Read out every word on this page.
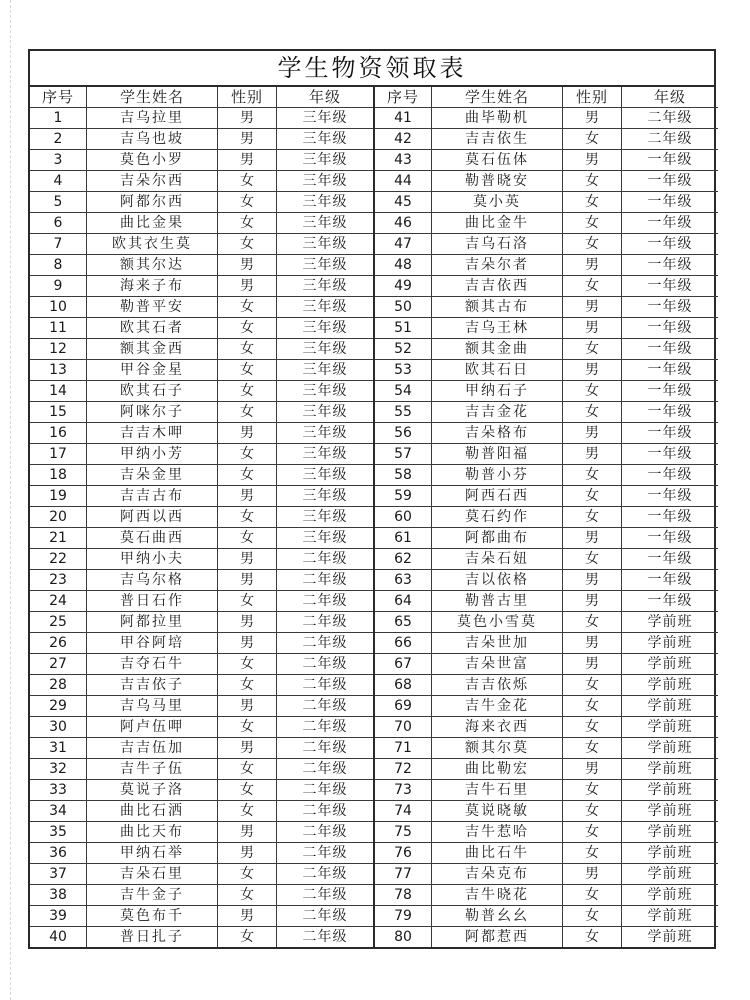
学生物资领取表
序号	学生姓名	性别	年级	序号	学生姓名	性别	年级
1	吉乌拉里	男	三年级	41	曲毕勒机	男	二年级
2	吉乌也坡	男	三年级	42	吉吉依生	女	二年级
3	莫色小罗	男	三年级	43	莫石伍体	男	一年级
4	吉朵尔西	女	三年级	44	勒普晓安	女	一年级
5	阿都尔西	女	三年级	45	莫小英	女	一年级
6	曲比金果	女	三年级	46	曲比金牛	女	一年级
7	欧其衣生莫	女	三年级	47	吉乌石洛	女	一年级
8	额其尔达	男	三年级	48	吉朵尔者	男	一年级
9	海来子布	男	三年级	49	吉吉依西	女	一年级
10	勒普平安	女	三年级	50	额其古布	男	一年级
11	欧其石者	女	三年级	51	吉乌王林	男	一年级
12	额其金西	女	三年级	52	额其金曲	女	一年级
13	甲谷金星	女	三年级	53	欧其石日	男	一年级
14	欧其石子	女	三年级	54	甲纳石子	女	一年级
15	阿咪尔子	女	三年级	55	吉吉金花	女	一年级
16	吉吉木呷	男	三年级	56	吉朵格布	男	一年级
17	甲纳小芳	女	三年级	57	勒普阳福	男	一年级
18	吉朵金里	女	三年级	58	勒普小芬	女	一年级
19	吉吉古布	男	三年级	59	阿西石西	女	一年级
20	阿西以西	女	三年级	60	莫石约作	女	一年级
21	莫石曲西	女	三年级	61	阿都曲布	男	一年级
22	甲纳小夫	男	二年级	62	吉朵石妞	女	一年级
23	吉乌尔格	男	二年级	63	吉以依格	男	一年级
24	普日石作	女	二年级	64	勒普古里	男	一年级
25	阿都拉里	男	二年级	65	莫色小雪莫	女	学前班
26	甲谷阿培	男	二年级	66	吉朵世加	男	学前班
27	吉夺石牛	女	二年级	67	吉朵世富	男	学前班
28	吉吉依子	女	二年级	68	吉吉依烁	女	学前班
29	吉乌马里	男	二年级	69	吉牛金花	女	学前班
30	阿卢伍呷	女	二年级	70	海来衣西	女	学前班
31	吉吉伍加	男	二年级	71	额其尔莫	女	学前班
32	吉牛子伍	女	二年级	72	曲比勒宏	男	学前班
33	莫说子洛	女	二年级	73	吉牛石里	女	学前班
34	曲比石洒	女	二年级	74	莫说晓敏	女	学前班
35	曲比天布	男	二年级	75	吉牛惹哈	女	学前班
36	甲纳石举	男	二年级	76	曲比石牛	女	学前班
37	吉朵石里	女	二年级	77	吉朵克布	男	学前班
38	吉牛金子	女	二年级	78	吉牛晓花	女	学前班
39	莫色布千	男	二年级	79	勒普幺幺	女	学前班
40	普日扎子	女	二年级	80	阿都惹西	女	学前班
